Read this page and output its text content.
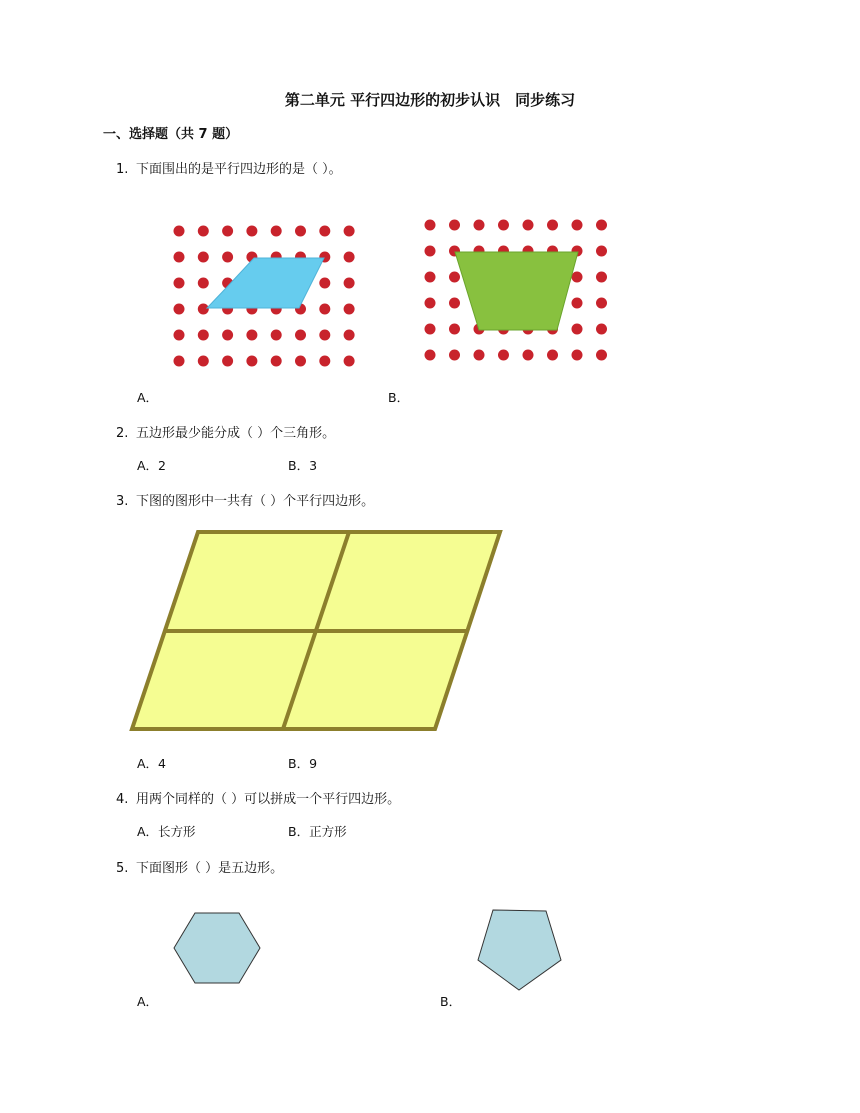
第二单元 平行四边形的初步认识　同步练习
一、选择题（共 7 题）
1. 下面围出的是平行四边形的是（ ）。
A．	B．
2. 五边形最少能分成（ ）个三角形。
A．2	B．3
3. 下图的图形中一共有（ ）个平行四边形。
A．4	B．9
4. 用两个同样的（ ）可以拼成一个平行四边形。
A．长方形	B．正方形
5. 下面图形（ ）是五边形。
A．	B．
